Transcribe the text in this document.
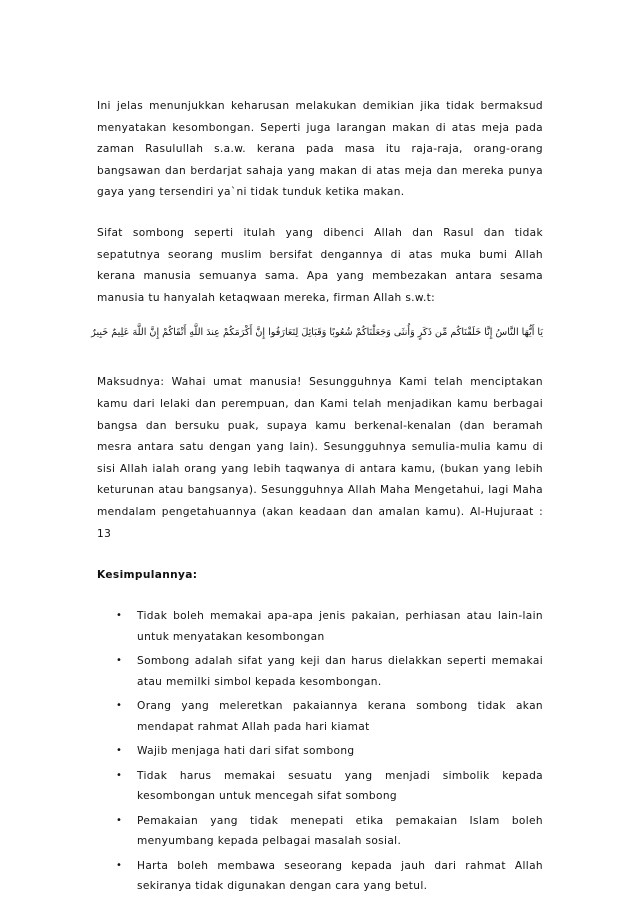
Ini jelas menunjukkan keharusan melakukan demikian jika tidak bermaksud menyatakan kesombongan. Seperti juga larangan makan di atas meja pada zaman Rasulullah s.a.w. kerana pada masa itu raja-raja, orang-orang bangsawan dan berdarjat sahaja yang makan di atas meja dan mereka punya gaya yang tersendiri ya`ni tidak tunduk ketika makan.

Sifat sombong seperti itulah yang dibenci Allah dan Rasul dan tidak sepatutnya seorang muslim bersifat dengannya di atas muka bumi Allah kerana manusia semuanya sama. Apa yang membezakan antara sesama manusia tu hanyalah ketaqwaan mereka, firman Allah s.w.t:

يَا أَيُّهَا النَّاسُ إِنَّا خَلَقْنَاكُم مِّن ذَكَرٍ وَأُنثَى وَجَعَلْنَاكُمْ شُعُوبًا وَقَبَائِلَ لِتَعَارَفُوا إِنَّ أَكْرَمَكُمْ عِندَ اللَّهِ أَتْقَاكُمْ إِنَّ اللَّهَ عَلِيمٌ خَبِيرٌ

Maksudnya: Wahai umat manusia! Sesungguhnya Kami telah menciptakan kamu dari lelaki dan perempuan, dan Kami telah menjadikan kamu berbagai bangsa dan bersuku puak, supaya kamu berkenal-kenalan (dan beramah mesra antara satu dengan yang lain). Sesungguhnya semulia-mulia kamu di sisi Allah ialah orang yang lebih taqwanya di antara kamu, (bukan yang lebih keturunan atau bangsanya). Sesungguhnya Allah Maha Mengetahui, lagi Maha mendalam pengetahuannya (akan keadaan dan amalan kamu). Al-Hujuraat : 13

Kesimpulannya:

• Tidak boleh memakai apa-apa jenis pakaian, perhiasan atau lain-lain untuk menyatakan kesombongan
• Sombong adalah sifat yang keji dan harus dielakkan seperti memakai atau memilki simbol kepada kesombongan.
• Orang yang meleretkan pakaiannya kerana sombong tidak akan mendapat rahmat Allah pada hari kiamat
• Wajib menjaga hati dari sifat sombong
• Tidak harus memakai sesuatu yang menjadi simbolik kepada kesombongan untuk mencegah sifat sombong
• Pemakaian yang tidak menepati etika pemakaian Islam boleh menyumbang kepada pelbagai masalah sosial.
• Harta boleh membawa seseorang kepada jauh dari rahmat Allah sekiranya tidak digunakan dengan cara yang betul.
